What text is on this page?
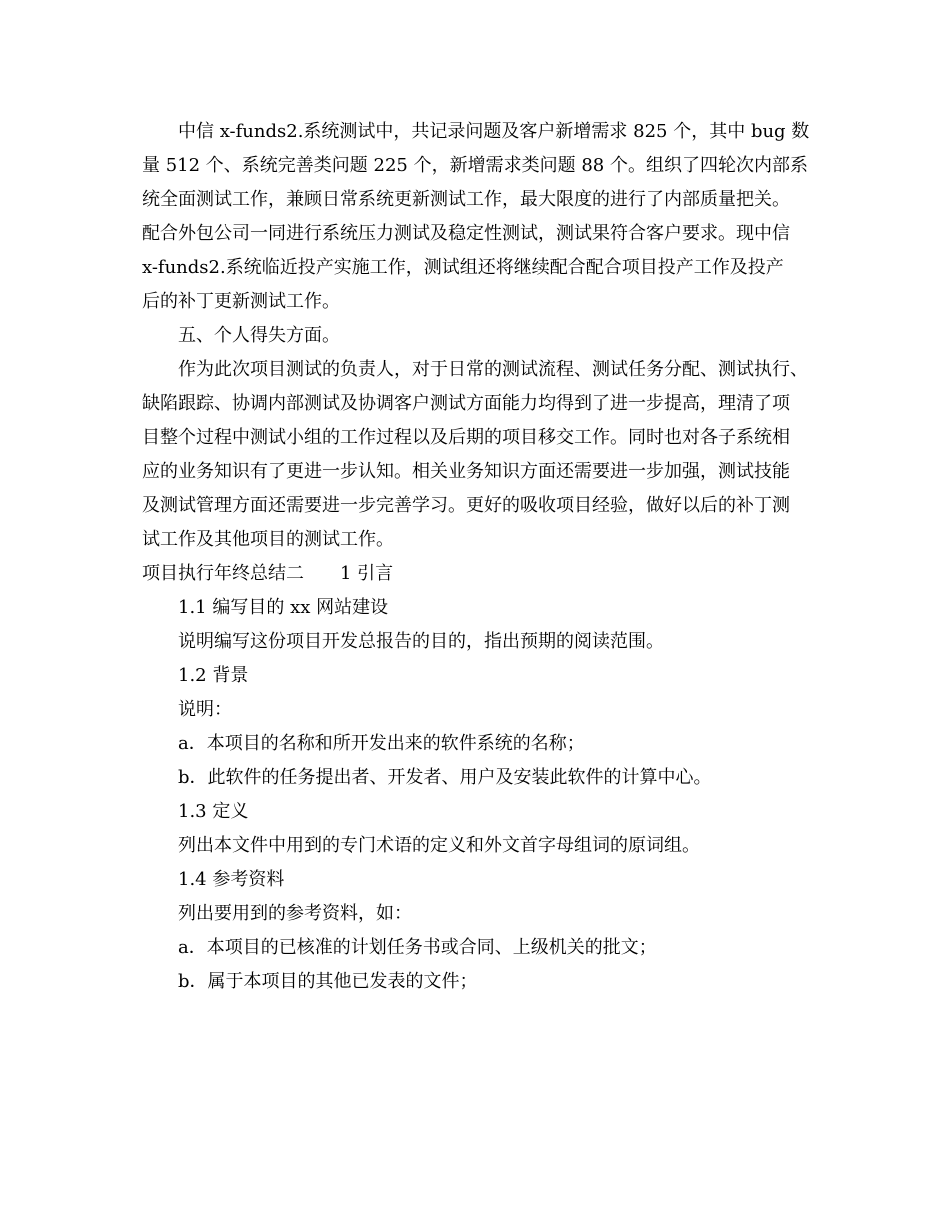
中信 x-funds2.系统测试中，共记录问题及客户新增需求 825 个，其中 bug 数
量 512 个、系统完善类问题 225 个，新增需求类问题 88 个。组织了四轮次内部系
统全面测试工作，兼顾日常系统更新测试工作，最大限度的进行了内部质量把关。
配合外包公司一同进行系统压力测试及稳定性测试，测试果符合客户要求。现中信
x-funds2.系统临近投产实施工作，测试组还将继续配合配合项目投产工作及投产
后的补丁更新测试工作。
五、个人得失方面。
作为此次项目测试的负责人，对于日常的测试流程、测试任务分配、测试执行、
缺陷跟踪、协调内部测试及协调客户测试方面能力均得到了进一步提高，理清了项
目整个过程中测试小组的工作过程以及后期的项目移交工作。同时也对各子系统相
应的业务知识有了更进一步认知。相关业务知识方面还需要进一步加强，测试技能
及测试管理方面还需要进一步完善学习。更好的吸收项目经验，做好以后的补丁测
试工作及其他项目的测试工作。
项目执行年终总结二　　1 引言
1.1 编写目的 xx 网站建设
说明编写这份项目开发总报告的目的，指出预期的阅读范围。
1.2 背景
说明：
a．本项目的名称和所开发出来的软件系统的名称；
b．此软件的任务提出者、开发者、用户及安装此软件的计算中心。
1.3 定义
列出本文件中用到的专门术语的定义和外文首字母组词的原词组。
1.4 参考资料
列出要用到的参考资料，如：
a．本项目的已核准的计划任务书或合同、上级机关的批文；
b．属于本项目的其他已发表的文件；
